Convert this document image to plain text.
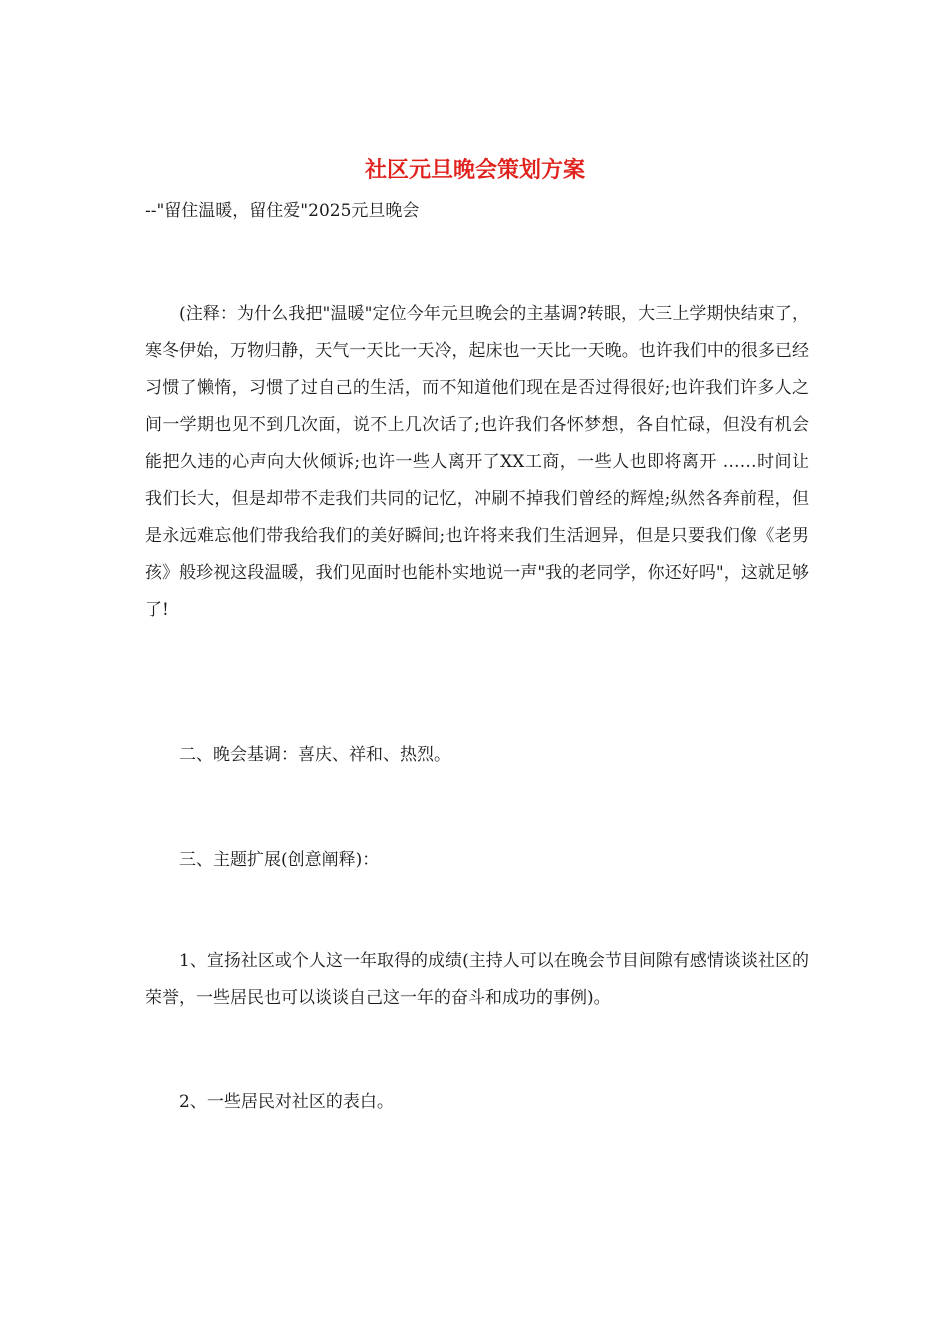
社区元旦晚会策划方案

--"留住温暖，留住爱"2025元旦晚会

(注释：为什么我把"温暖"定位今年元旦晚会的主基调?转眼，大三上学期快结束了，寒冬伊始，万物归静，天气一天比一天冷，起床也一天比一天晚。也许我们中的很多已经习惯了懒惰，习惯了过自己的生活，而不知道他们现在是否过得很好;也许我们许多人之间一学期也见不到几次面，说不上几次话了;也许我们各怀梦想，各自忙碌，但没有机会能把久违的心声向大伙倾诉;也许一些人离开了XX工商，一些人也即将离开 ……时间让我们长大，但是却带不走我们共同的记忆，冲刷不掉我们曾经的辉煌;纵然各奔前程，但是永远难忘他们带我给我们的美好瞬间;也许将来我们生活迥异，但是只要我们像《老男孩》般珍视这段温暖，我们见面时也能朴实地说一声"我的老同学，你还好吗"，这就足够了!

二、晚会基调：喜庆、祥和、热烈。

三、主题扩展(创意阐释)：

1、宣扬社区或个人这一年取得的成绩(主持人可以在晚会节目间隙有感情谈谈社区的荣誉，一些居民也可以谈谈自己这一年的奋斗和成功的事例)。

2、一些居民对社区的表白。
